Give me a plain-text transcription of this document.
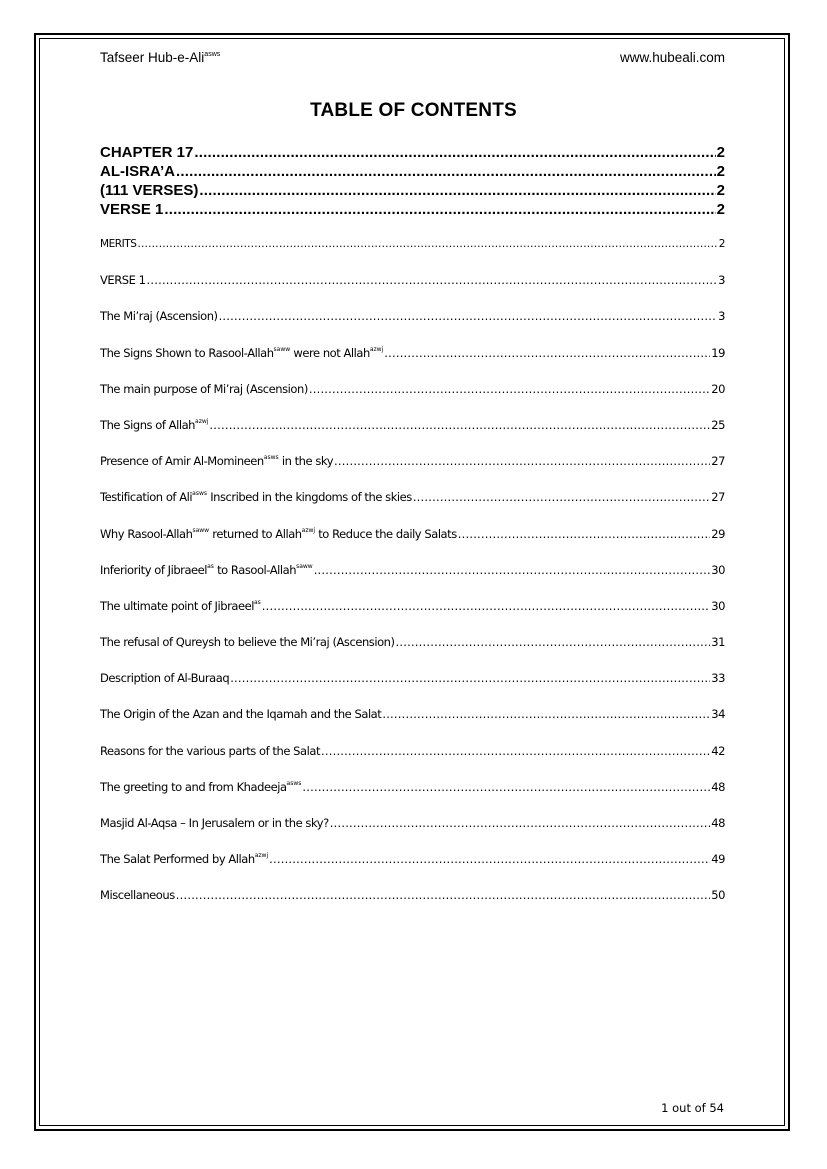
Tafseer Hub-e-Ali$^{asws}$	www.hubeali.com
TABLE OF CONTENTS
CHAPTER 17 .....	2
AL-ISRA’A .....	2
(111 VERSES) .....	2
VERSE 1 .....	2
MERITS .....	2
VERSE 1 .....	3
The Mi’raj (Ascension) .....	3
The Signs Shown to Rasool-Allah$^{saww}$ were not Allah$^{azwj}$ .....	19
The main purpose of Mi’raj (Ascension) .....	20
The Signs of Allah$^{azwj}$ .....	25
Presence of Amir Al-Momineen$^{asws}$ in the sky .....	27
Testification of Ali$^{asws}$ Inscribed in the kingdoms of the skies .....	27
Why Rasool-Allah$^{saww}$ returned to Allah$^{azwj}$ to Reduce the daily Salats .....	29
Inferiority of Jibraeel$^{as}$ to Rasool-Allah$^{saww}$ .....	30
The ultimate point of Jibraeel$^{as}$ .....	30
The refusal of Qureysh to believe the Mi’raj (Ascension) .....	31
Description of Al-Buraaq .....	33
The Origin of the Azan and the Iqamah and the Salat .....	34
Reasons for the various parts of the Salat .....	42
The greeting to and from Khadeeja$^{asws}$ .....	48
Masjid Al-Aqsa – In Jerusalem or in the sky? .....	48
The Salat Performed by Allah$^{azwj}$ .....	49
Miscellaneous .....	50
1 out of 54
